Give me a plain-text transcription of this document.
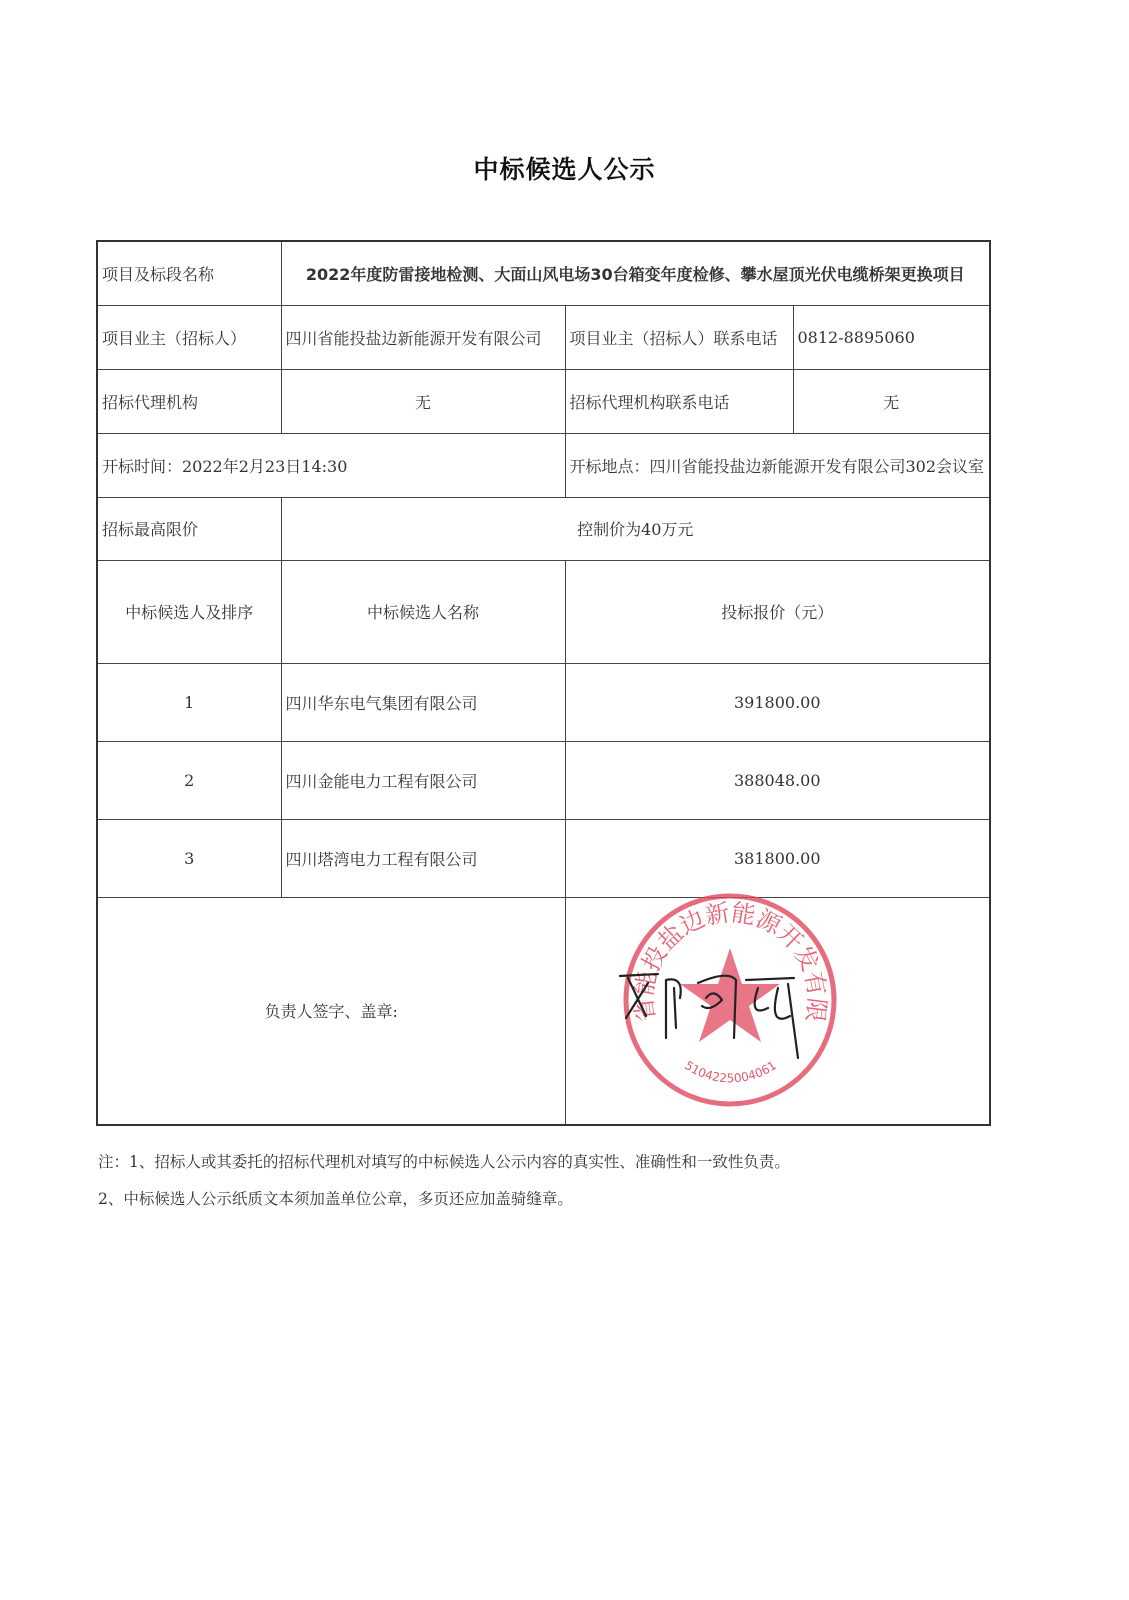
中标候选人公示
项目及标段名称	2022年度防雷接地检测、大面山风电场30台箱变年度检修、攀水屋顶光伏电缆桥架更换项目		
项目业主（招标人）	四川省能投盐边新能源开发有限公司	项目业主（招标人）联系电话	0812-8895060
招标代理机构	无	招标代理机构联系电话	无
开标时间：2022年2月23日14:30		开标地点：四川省能投盐边新能源开发有限公司302会议室	
招标最高限价	控制价为40万元		
中标候选人及排序	中标候选人名称	投标报价（元）	
1	四川华东电气集团有限公司	391800.00	
2	四川金能电力工程有限公司	388048.00	
3	四川塔湾电力工程有限公司	381800.00	
负责人签字、盖章:				省能投盐边新能源开发有限
5104225004061
注：1、招标人或其委托的招标代理机对填写的中标候选人公示内容的真实性、准确性和一致性负责。
2、中标候选人公示纸质文本须加盖单位公章，多页还应加盖骑缝章。
